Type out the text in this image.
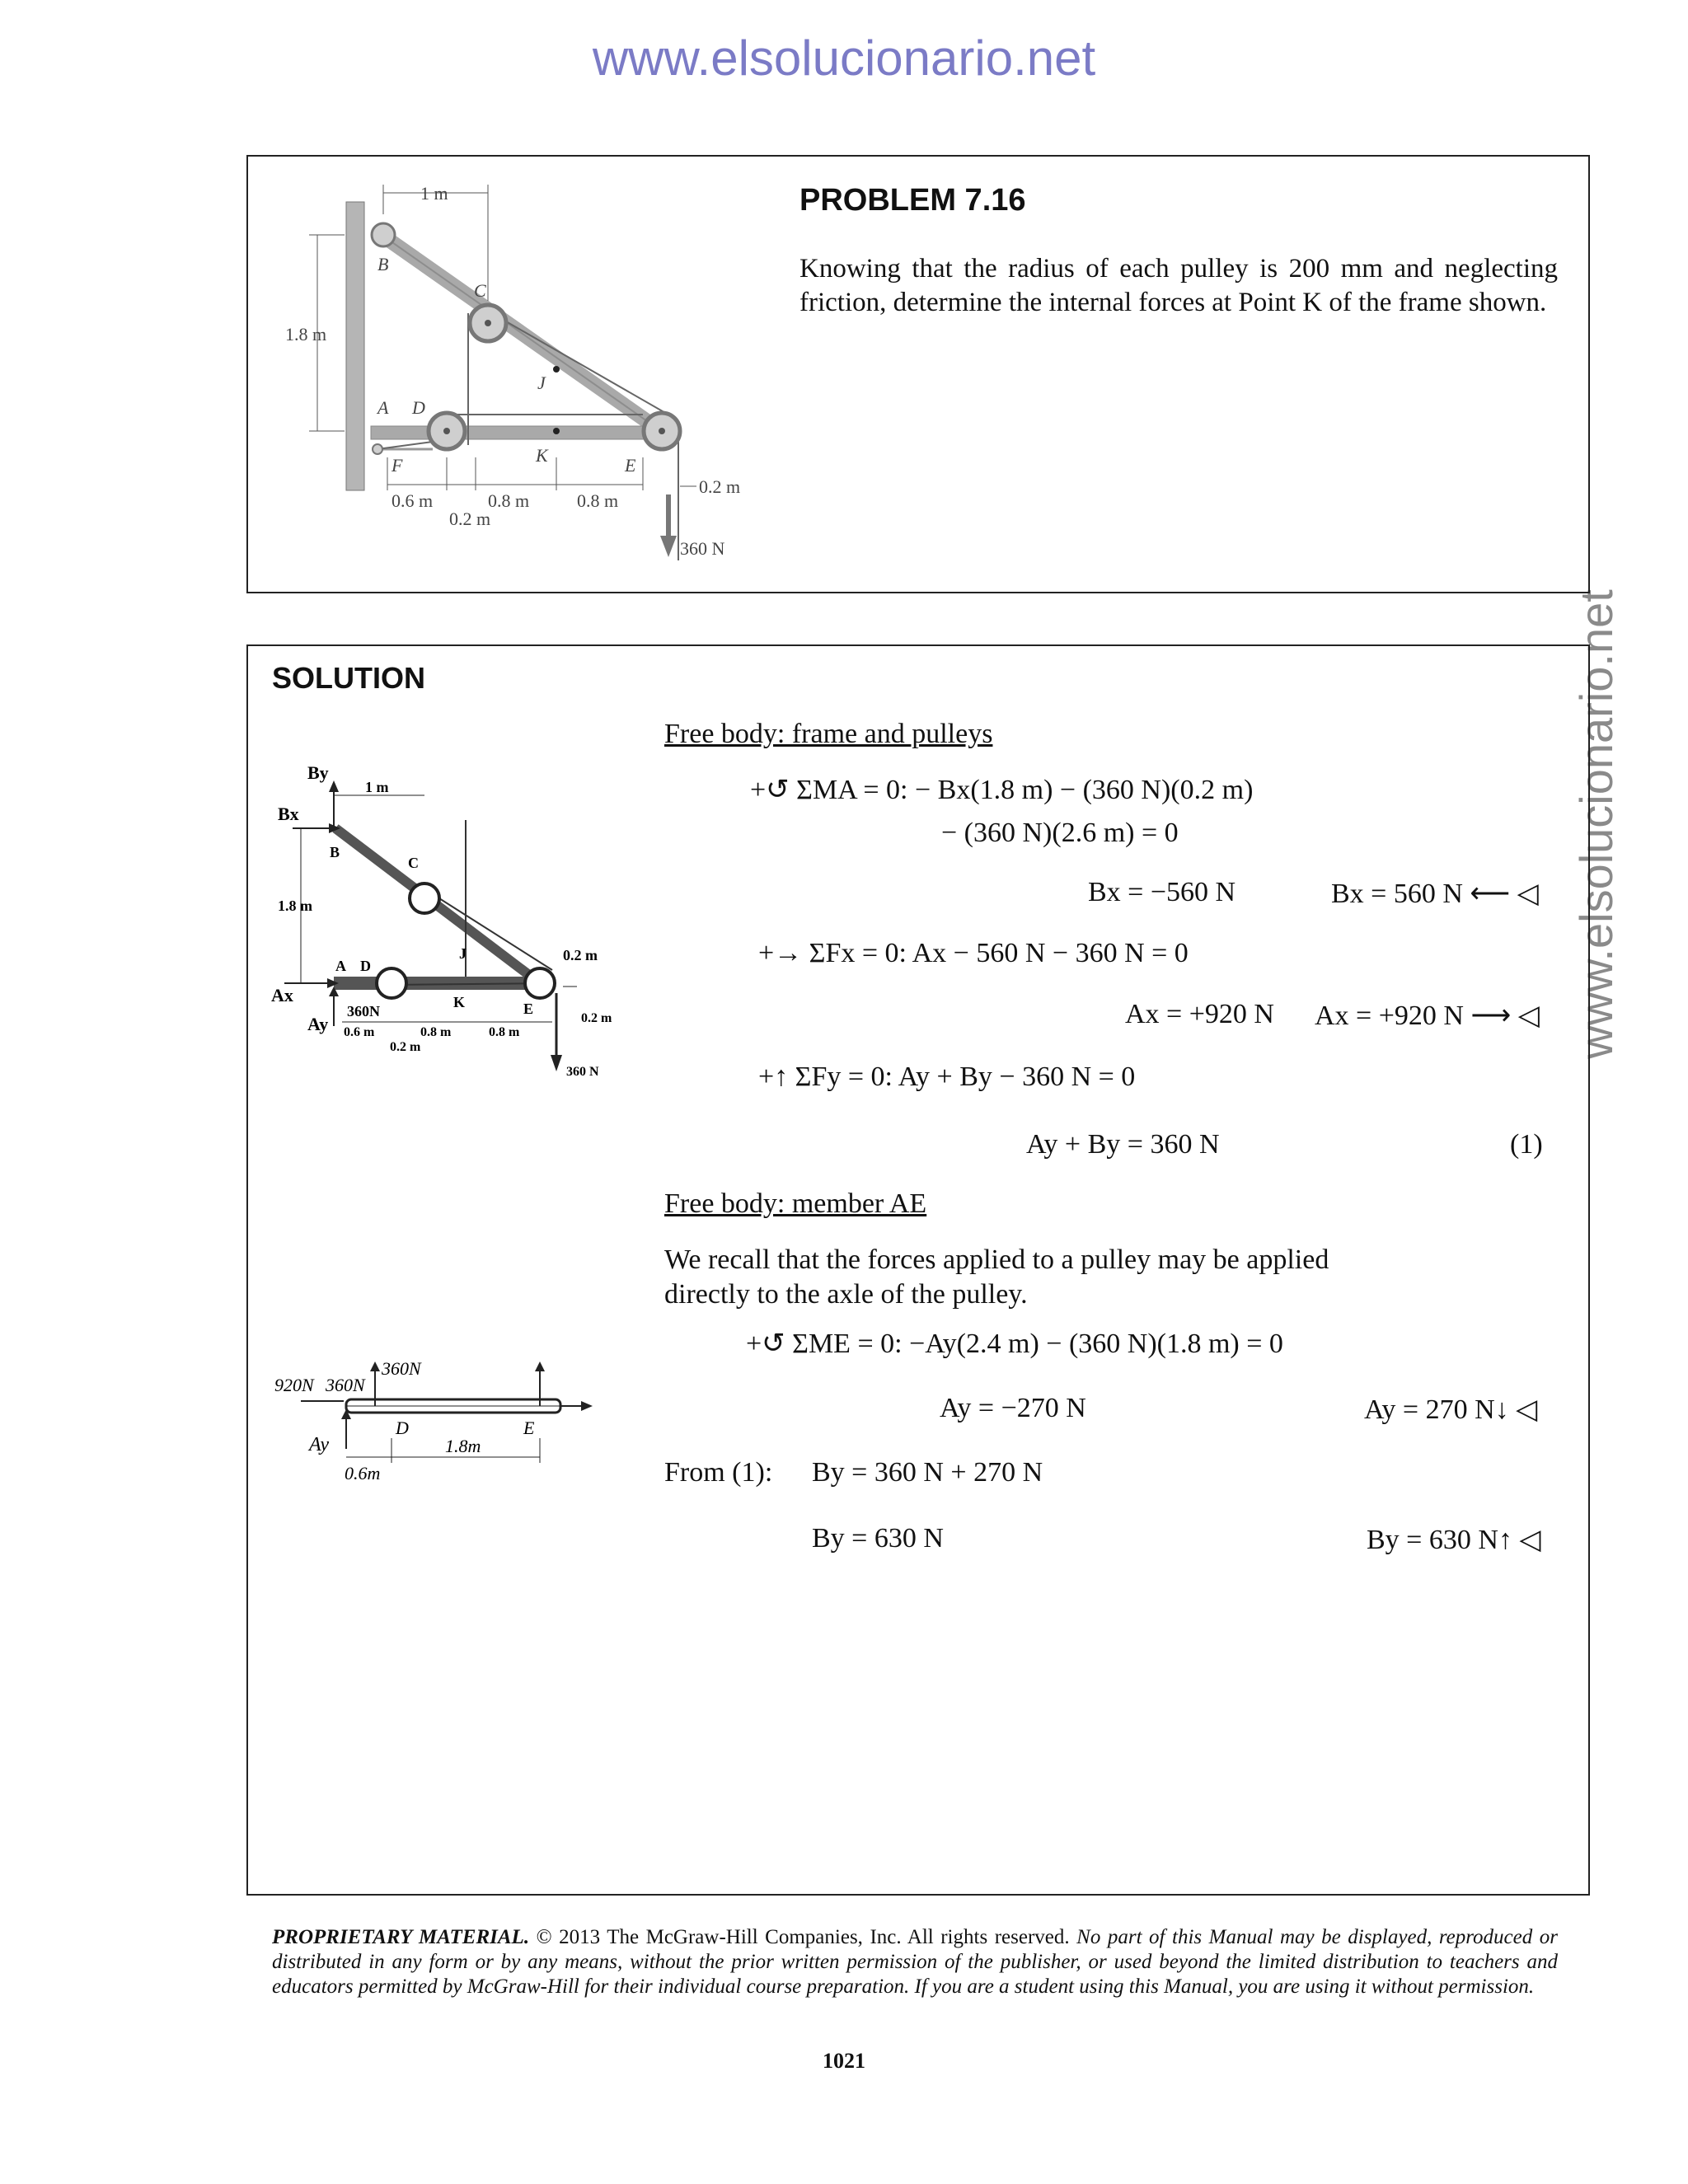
www.elsolucionario.net
www.elsolucionario.net
1 m
1.8 m
B
C
J
A D
K
F	E
0.6 m	0.8 m	0.8 m
0.2 m
0.2 m
360 N
PROBLEM 7.16
Knowing that the radius of each pulley is 200 mm and neglecting friction, determine the internal forces at Point K of the frame shown.
SOLUTION
By
Bx
1 m
B
C
1.8 m
J
A D
K	E
Ax
Ay
360N
0.6 m	0.8 m	0.8 m
0.2 m
0.2 m
0.2 m
360 N
920N 360N
360N
Ay
D	E
0.6m
1.8m
Free body: frame and pulleys
+↺ ΣMA = 0: − Bx(1.8 m) − (360 N)(0.2 m)
− (360 N)(2.6 m) = 0
Bx = −560 N	Bx = 560 N ⟵ ◁
+→ ΣFx = 0: Ax − 560 N − 360 N = 0
Ax = +920 N Ax = +920 N ⟶ ◁
+↑ ΣFy = 0: Ay + By − 360 N = 0
Ay + By = 360 N	(1)
Free body: member AE
We recall that the forces applied to a pulley may be applied directly to the axle of the pulley.
+↺ ΣME = 0: −Ay(2.4 m) − (360 N)(1.8 m) = 0
Ay = −270 N	Ay = 270 N↓ ◁
From (1): By = 360 N + 270 N
By = 630 N	By = 630 N↑ ◁
PROPRIETARY MATERIAL. © 2013 The McGraw-Hill Companies, Inc. All rights reserved. No part of this Manual may be displayed, reproduced or distributed in any form or by any means, without the prior written permission of the publisher, or used beyond the limited distribution to teachers and educators permitted by McGraw-Hill for their individual course preparation. If you are a student using this Manual, you are using it without permission.
1021
